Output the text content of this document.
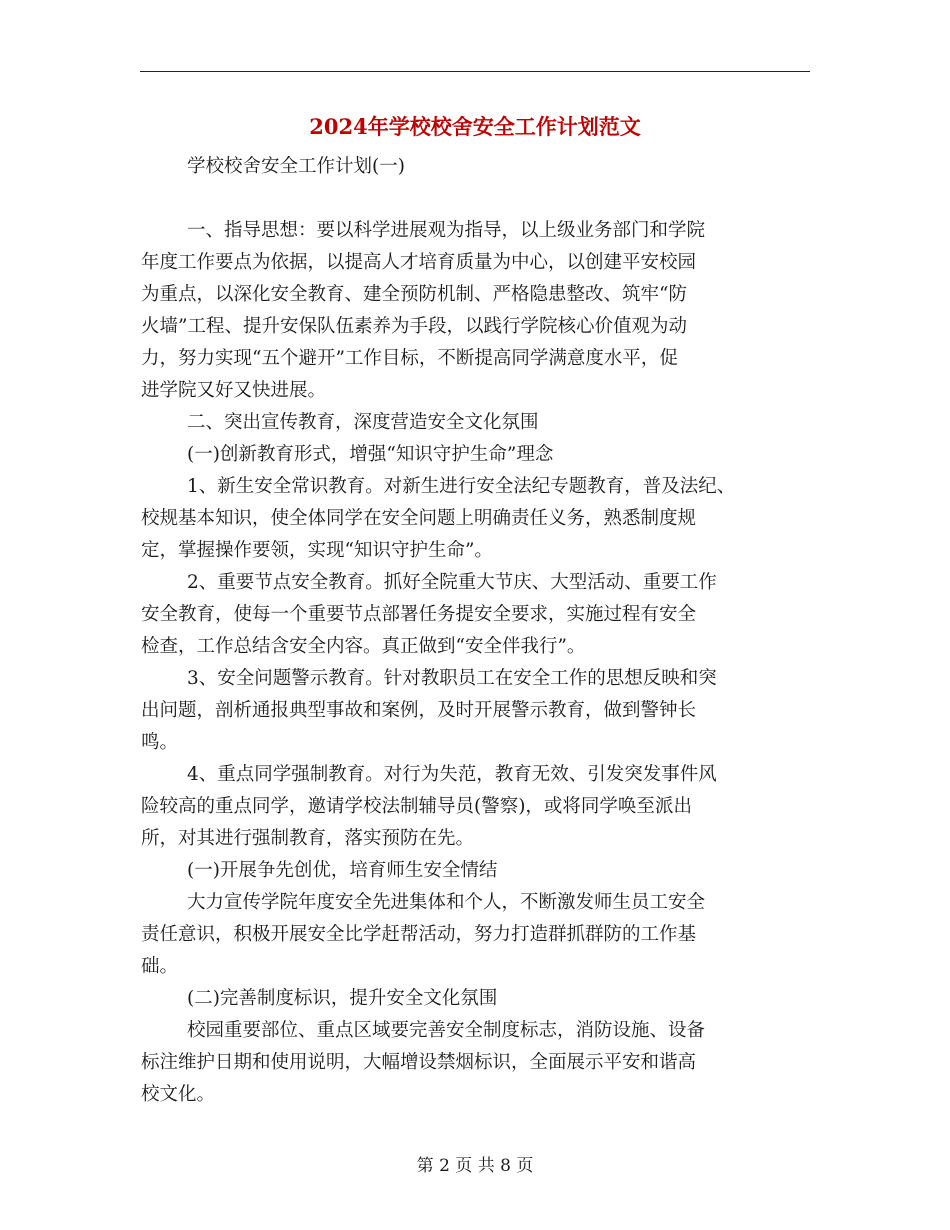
2024年学校校舍安全工作计划范文
学校校舍安全工作计划(一)
一、指导思想：要以科学进展观为指导，以上级业务部门和学院
年度工作要点为依据，以提高人才培育质量为中心，以创建平安校园
为重点，以深化安全教育、建全预防机制、严格隐患整改、筑牢“防
火墙”工程、提升安保队伍素养为手段，以践行学院核心价值观为动
力，努力实现“五个避开”工作目标，不断提高同学满意度水平，促
进学院又好又快进展。
二、突出宣传教育，深度营造安全文化氛围
(一)创新教育形式，增强“知识守护生命”理念
1、新生安全常识教育。对新生进行安全法纪专题教育，普及法纪、
校规基本知识，使全体同学在安全问题上明确责任义务，熟悉制度规
定，掌握操作要领，实现“知识守护生命”。
2、重要节点安全教育。抓好全院重大节庆、大型活动、重要工作
安全教育，使每一个重要节点部署任务提安全要求，实施过程有安全
检查，工作总结含安全内容。真正做到“安全伴我行”。
3、安全问题警示教育。针对教职员工在安全工作的思想反映和突
出问题，剖析通报典型事故和案例，及时开展警示教育，做到警钟长
鸣。
4、重点同学强制教育。对行为失范，教育无效、引发突发事件风
险较高的重点同学，邀请学校法制辅导员(警察)，或将同学唤至派出
所，对其进行强制教育，落实预防在先。
(一)开展争先创优，培育师生安全情结
大力宣传学院年度安全先进集体和个人，不断激发师生员工安全
责任意识，积极开展安全比学赶帮活动，努力打造群抓群防的工作基
础。
(二)完善制度标识，提升安全文化氛围
校园重要部位、重点区域要完善安全制度标志，消防设施、设备
标注维护日期和使用说明，大幅增设禁烟标识，全面展示平安和谐高
校文化。
第 2 页 共 8 页
